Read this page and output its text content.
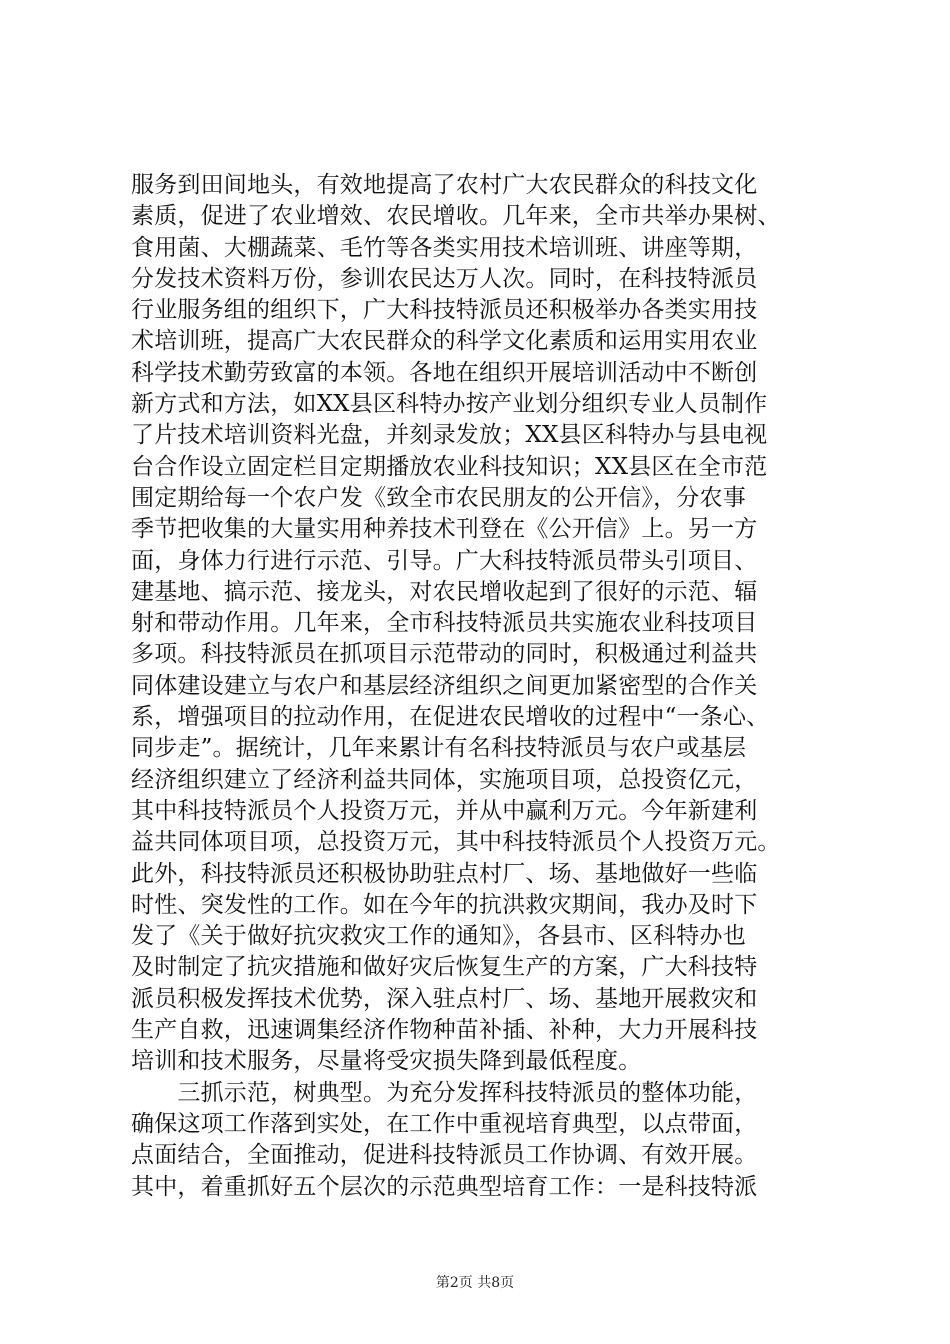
服务到田间地头，有效地提高了农村广大农民群众的科技文化
素质，促进了农业增效、农民增收。几年来，全市共举办果树、
食用菌、大棚蔬菜、毛竹等各类实用技术培训班、讲座等期，
分发技术资料万份，参训农民达万人次。同时，在科技特派员
行业服务组的组织下，广大科技特派员还积极举办各类实用技
术培训班，提高广大农民群众的科学文化素质和运用实用农业
科学技术勤劳致富的本领。各地在组织开展培训活动中不断创
新方式和方法，如XX县区科特办按产业划分组织专业人员制作
了片技术培训资料光盘，并刻录发放；XX县区科特办与县电视
台合作设立固定栏目定期播放农业科技知识；XX县区在全市范
围定期给每一个农户发《致全市农民朋友的公开信》，分农事
季节把收集的大量实用种养技术刊登在《公开信》上。另一方
面，身体力行进行示范、引导。广大科技特派员带头引项目、
建基地、搞示范、接龙头，对农民增收起到了很好的示范、辐
射和带动作用。几年来，全市科技特派员共实施农业科技项目
多项。科技特派员在抓项目示范带动的同时，积极通过利益共
同体建设建立与农户和基层经济组织之间更加紧密型的合作关
系，增强项目的拉动作用，在促进农民增收的过程中“一条心、
同步走”。据统计，几年来累计有名科技特派员与农户或基层
经济组织建立了经济利益共同体，实施项目项，总投资亿元，
其中科技特派员个人投资万元，并从中赢利万元。今年新建利
益共同体项目项，总投资万元，其中科技特派员个人投资万元。
此外，科技特派员还积极协助驻点村厂、场、基地做好一些临
时性、突发性的工作。如在今年的抗洪救灾期间，我办及时下
发了《关于做好抗灾救灾工作的通知》，各县市、区科特办也
及时制定了抗灾措施和做好灾后恢复生产的方案，广大科技特
派员积极发挥技术优势，深入驻点村厂、场、基地开展救灾和
生产自救，迅速调集经济作物种苗补插、补种，大力开展科技
培训和技术服务，尽量将受灾损失降到最低程度。
　　三抓示范，树典型。为充分发挥科技特派员的整体功能，
确保这项工作落到实处，在工作中重视培育典型，以点带面，
点面结合，全面推动，促进科技特派员工作协调、有效开展。
其中，着重抓好五个层次的示范典型培育工作：一是科技特派
第2页 共8页
